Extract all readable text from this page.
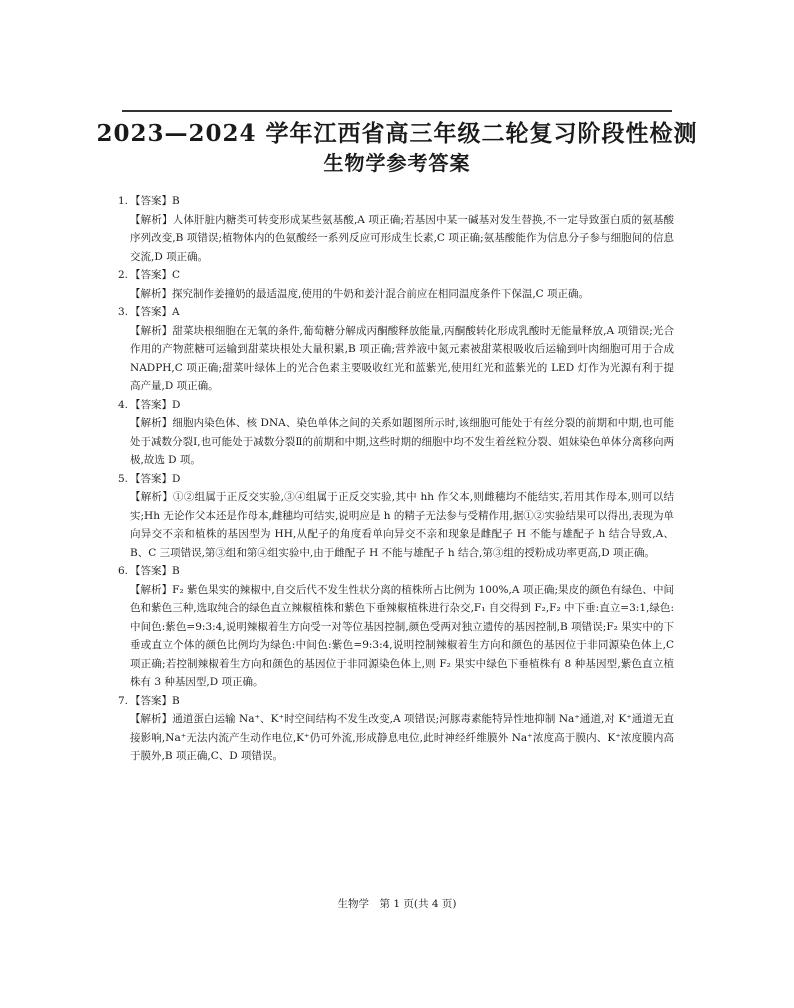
2023—2024 学年江西省高三年级二轮复习阶段性检测
生物学参考答案
1. 【答案】B
【解析】人体肝脏内糖类可转变形成某些氨基酸,A 项正确;若基因中某一碱基对发生替换,不一定导致蛋白质的氨基酸序列改变,B 项错误;植物体内的色氨酸经一系列反应可形成生长素,C 项正确;氨基酸能作为信息分子参与细胞间的信息交流,D 项正确。
2. 【答案】C
【解析】探究制作姜撞奶的最适温度,使用的牛奶和姜汁混合前应在相同温度条件下保温,C 项正确。
3. 【答案】A
【解析】甜菜块根细胞在无氧的条件,葡萄糖分解成丙酮酸释放能量,丙酮酸转化形成乳酸时无能量释放,A 项错误;光合作用的产物蔗糖可运输到甜菜块根处大量积累,B 项正确;营养液中氮元素被甜菜根吸收后运输到叶肉细胞可用于合成 NADPH,C 项正确;甜菜叶绿体上的光合色素主要吸收红光和蓝紫光,使用红光和蓝紫光的 LED 灯作为光源有利于提高产量,D 项正确。
4. 【答案】D
【解析】细胞内染色体、核 DNA、染色单体之间的关系如题图所示时,该细胞可能处于有丝分裂的前期和中期,也可能处于减数分裂Ⅰ,也可能处于减数分裂Ⅱ的前期和中期,这些时期的细胞中均不发生着丝粒分裂、姐妹染色单体分离移向两极,故选 D 项。
5. 【答案】D
【解析】①②组属于正反交实验,③④组属于正反交实验,其中 hh 作父本,则雌穗均不能结实,若用其作母本,则可以结实;Hh 无论作父本还是作母本,雌穗均可结实,说明应是 h 的精子无法参与受精作用,据①②实验结果可以得出,表现为单向异交不亲和植株的基因型为 HH,从配子的角度看单向异交不亲和现象是雌配子 H 不能与雄配子 h 结合导致,A、B、C 三项错误,第③组和第④组实验中,由于雌配子 H 不能与雄配子 h 结合,第③组的授粉成功率更高,D 项正确。
6. 【答案】B
【解析】F₂ 紫色果实的辣椒中,自交后代不发生性状分离的植株所占比例为 100%,A 项正确;果皮的颜色有绿色、中间色和紫色三种,选取纯合的绿色直立辣椒植株和紫色下垂辣椒植株进行杂交,F₁ 自交得到 F₂,F₂ 中下垂:直立=3:1,绿色:中间色:紫色=9:3:4,说明辣椒着生方向受一对等位基因控制,颜色受两对独立遗传的基因控制,B 项错误;F₂ 果实中的下垂或直立个体的颜色比例均为绿色:中间色:紫色=9:3:4,说明控制辣椒着生方向和颜色的基因位于非同源染色体上,C 项正确;若控制辣椒着生方向和颜色的基因位于非同源染色体上,则 F₂ 果实中绿色下垂植株有 8 种基因型,紫色直立植株有 3 种基因型,D 项正确。
7. 【答案】B
【解析】通道蛋白运输 Na⁺、K⁺时空间结构不发生改变,A 项错误;河豚毒素能特异性地抑制 Na⁺通道,对 K⁺通道无直接影响,Na⁺无法内流产生动作电位,K⁺仍可外流,形成静息电位,此时神经纤维膜外 Na⁺浓度高于膜内、K⁺浓度膜内高于膜外,B 项正确,C、D 项错误。
生物学　第 1 页(共 4 页)
